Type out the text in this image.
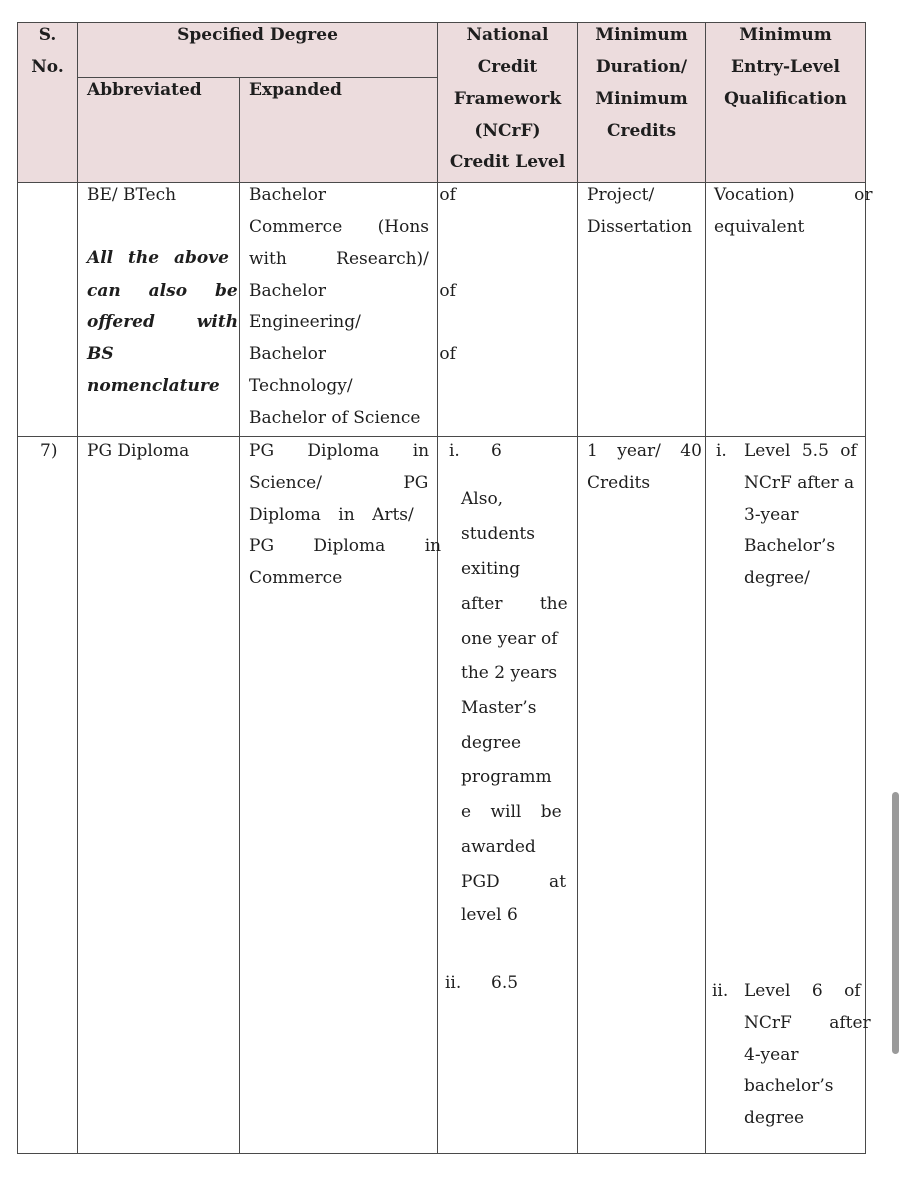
S.
No.
Specified Degree
Abbreviated	Expanded
National
Credit
Framework
(NCrF)
Credit Level
Minimum
Duration/
Minimum
Credits
Minimum
Entry-Level
Qualification
BE/ BTech
All the above
can also be
offered with
BS
nomenclature
Bachelor of
Commerce (Hons
with Research)/
Bachelor of
Engineering/
Bachelor of
Technology/
Bachelor of Science
Project/
Dissertation
Vocation) or
equivalent
7) PG Diploma	PG Diploma in
Science/ PG
Diploma in Arts/
PG Diploma in
Commerce
i. 6
Also,
students
exiting
after the
one year of
the 2 years
Master’s
degree
programm
e will be
awarded
PGD at
level 6
ii. 6.5
1 year/ 40
Credits
i. Level 5.5 of
NCrF after a
3-year
Bachelor’s
degree/
ii. Level 6 of
NCrF after
4-year
bachelor’s
degree
